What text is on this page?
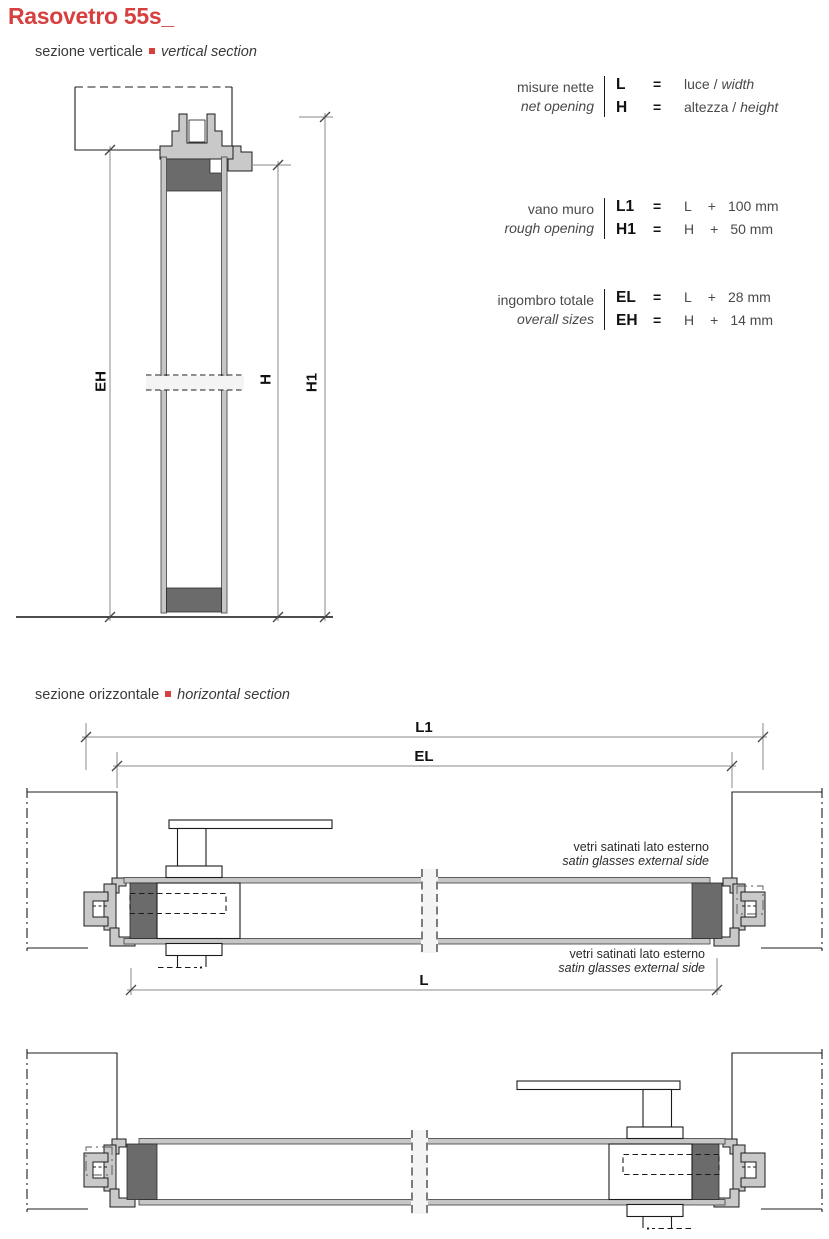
Rasovetro 55s_
sezione verticale vertical section
sezione orizzontale horizontal section
misure nette
net opening
L	=	luce / width
H	=	altezza / height
vano muro
rough opening
L1	=	L + 100 mm
H1	=	H + 50 mm
ingombro totale
overall sizes
EL	=	L + 28 mm
EH	=	H + 14 mm
EH	H H1
L1
EL
L
vetri satinati lato esterno
satin glasses external side
vetri satinati lato esterno
satin glasses external side
